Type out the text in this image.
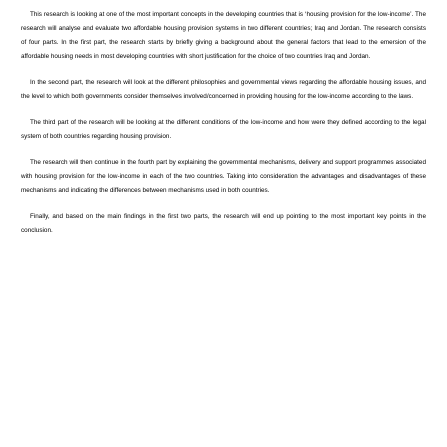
This research is looking at one of the most important concepts in the developing countries that is ‘housing provision for the low-income’. The research will analyse and evaluate two affordable housing provision systems in two different countries; Iraq and Jordan. The research consists of four parts. In the first part, the research starts by briefly giving a background about the general factors that lead to the emersion of the affordable housing needs in most developing countries with short justification for the choice of two countries Iraq and Jordan.

In the second part, the research will look at the different philosophies and governmental views regarding the affordable housing issues, and the level to which both governments consider themselves involved/concerned in providing housing for the low-income according to the laws.

The third part of the research will be looking at the different conditions of the low-income and how were they defined according to the legal system of both countries regarding housing provision.

The research will then continue in the fourth part by explaining the governmental mechanisms, delivery and support programmes associated with housing provision for the low-income in each of the two countries. Taking into consideration the advantages and disadvantages of these mechanisms and indicating the differences between mechanisms used in both countries.

Finally, and based on the main findings in the first two parts, the research will end up pointing to the most important key points in the conclusion.
